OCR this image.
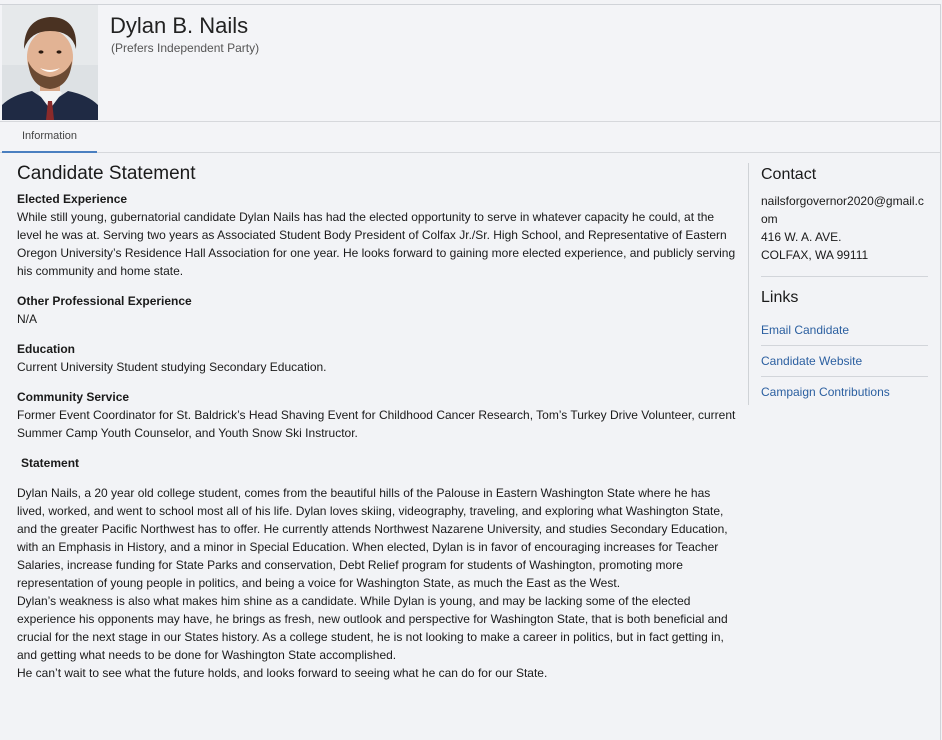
Dylan B. Nails
(Prefers Independent Party)
Information
Candidate Statement
Elected Experience

While still young, gubernatorial candidate Dylan Nails has had the elected opportunity to serve in whatever capacity he could, at the level he was at. Serving two years as Associated Student Body President of Colfax Jr./Sr. High School, and Representative of Eastern Oregon University’s Residence Hall Association for one year. He looks forward to gaining more elected experience, and publicly serving his community and home state.

Other Professional Experience

N/A

Education

Current University Student studying Secondary Education.

Community Service

Former Event Coordinator for St. Baldrick’s Head Shaving Event for Childhood Cancer Research, Tom’s Turkey Drive Volunteer, current Summer Camp Youth Counselor, and Youth Snow Ski Instructor.

Statement

Dylan Nails, a 20 year old college student, comes from the beautiful hills of the Palouse in Eastern Washington State where he has lived, worked, and went to school most all of his life. Dylan loves skiing, videography, traveling, and exploring what Washington State, and the greater Pacific Northwest has to offer. He currently attends Northwest Nazarene University, and studies Secondary Education, with an Emphasis in History, and a minor in Special Education. When elected, Dylan is in favor of encouraging increases for Teacher Salaries, increase funding for State Parks and conservation, Debt Relief program for students of Washington, promoting more representation of young people in politics, and being a voice for Washington State, as much the East as the West.

Dylan’s weakness is also what makes him shine as a candidate. While Dylan is young, and may be lacking some of the elected experience his opponents may have, he brings as fresh, new outlook and perspective for Washington State, that is both beneficial and crucial for the next stage in our States history. As a college student, he is not looking to make a career in politics, but in fact getting in, and getting what needs to be done for Washington State accomplished.

He can’t wait to see what the future holds, and looks forward to seeing what he can do for our State.

Contact
nailsforgovernor2020@gmail.com
416 W. A. AVE.
COLFAX, WA 99111
Links
Email Candidate
Candidate Website
Campaign Contributions
